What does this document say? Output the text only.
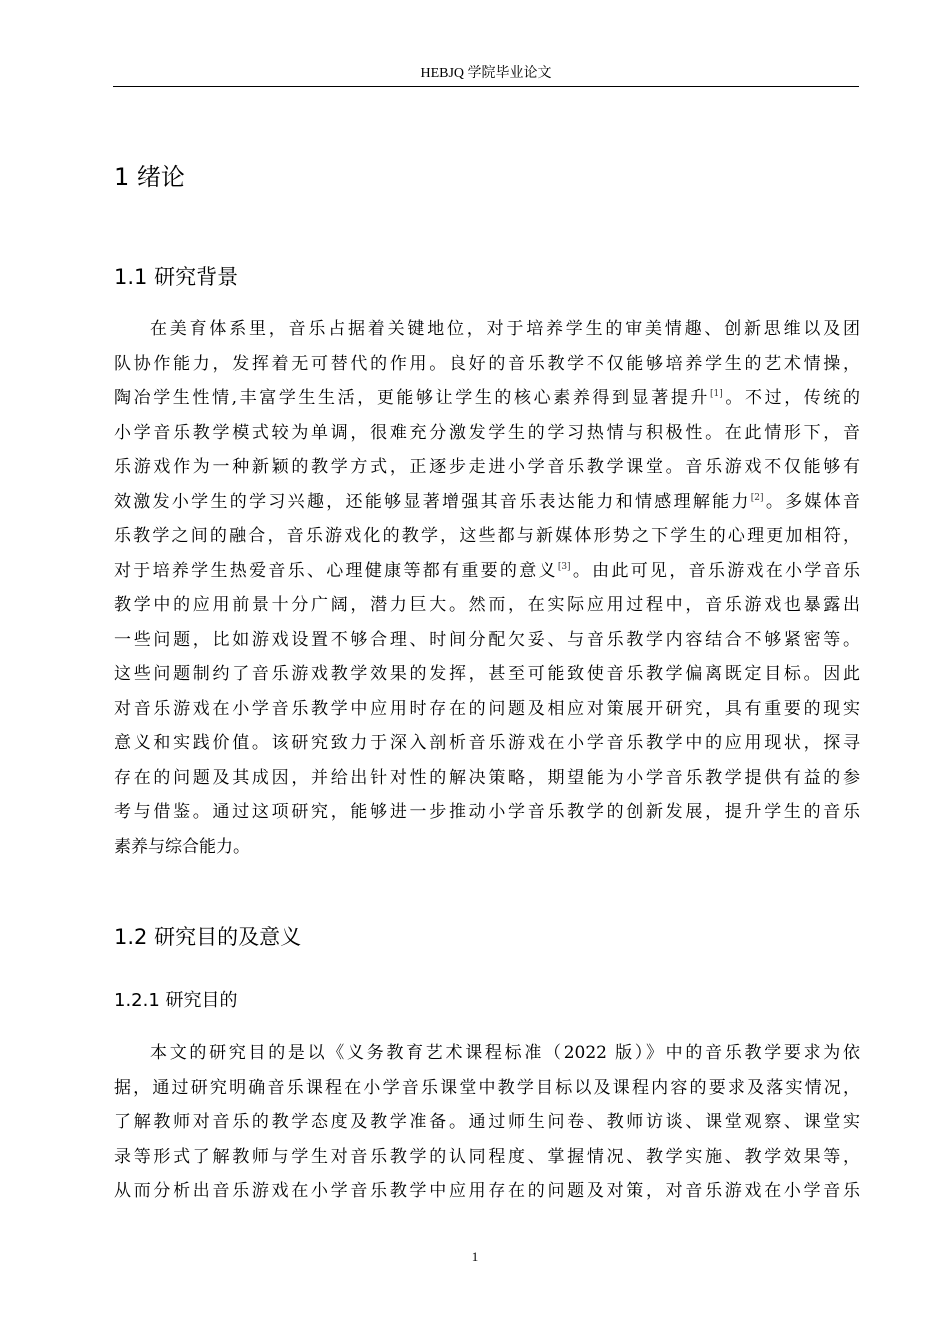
HEBJQ 学院毕业论文
1 绪论
1.1 研究背景
在美育体系里，音乐占据着关键地位，对于培养学生的审美情趣、创新思维以及团
队协作能力，发挥着无可替代的作用。良好的音乐教学不仅能够培养学生的艺术情操，
陶冶学生性情,丰富学生生活，更能够让学生的核心素养得到显著提升[1]。不过，传统的
小学音乐教学模式较为单调，很难充分激发学生的学习热情与积极性。在此情形下，音
乐游戏作为一种新颖的教学方式，正逐步走进小学音乐教学课堂。音乐游戏不仅能够有
效激发小学生的学习兴趣，还能够显著增强其音乐表达能力和情感理解能力[2]。多媒体音
乐教学之间的融合，音乐游戏化的教学，这些都与新媒体形势之下学生的心理更加相符，
对于培养学生热爱音乐、心理健康等都有重要的意义[3]。由此可见，音乐游戏在小学音乐
教学中的应用前景十分广阔，潜力巨大。然而，在实际应用过程中，音乐游戏也暴露出
一些问题，比如游戏设置不够合理、时间分配欠妥、与音乐教学内容结合不够紧密等。
这些问题制约了音乐游戏教学效果的发挥，甚至可能致使音乐教学偏离既定目标。因此
对音乐游戏在小学音乐教学中应用时存在的问题及相应对策展开研究，具有重要的现实
意义和实践价值。该研究致力于深入剖析音乐游戏在小学音乐教学中的应用现状，探寻
存在的问题及其成因，并给出针对性的解决策略，期望能为小学音乐教学提供有益的参
考与借鉴。通过这项研究，能够进一步推动小学音乐教学的创新发展，提升学生的音乐
素养与综合能力。
1.2 研究目的及意义
1.2.1 研究目的
本文的研究目的是以《义务教育艺术课程标准（2022 版）》中的音乐教学要求为依
据，通过研究明确音乐课程在小学音乐课堂中教学目标以及课程内容的要求及落实情况，
了解教师对音乐的教学态度及教学准备。通过师生问卷、教师访谈、课堂观察、课堂实
录等形式了解教师与学生对音乐教学的认同程度、掌握情况、教学实施、教学效果等，
从而分析出音乐游戏在小学音乐教学中应用存在的问题及对策，对音乐游戏在小学音乐
1
